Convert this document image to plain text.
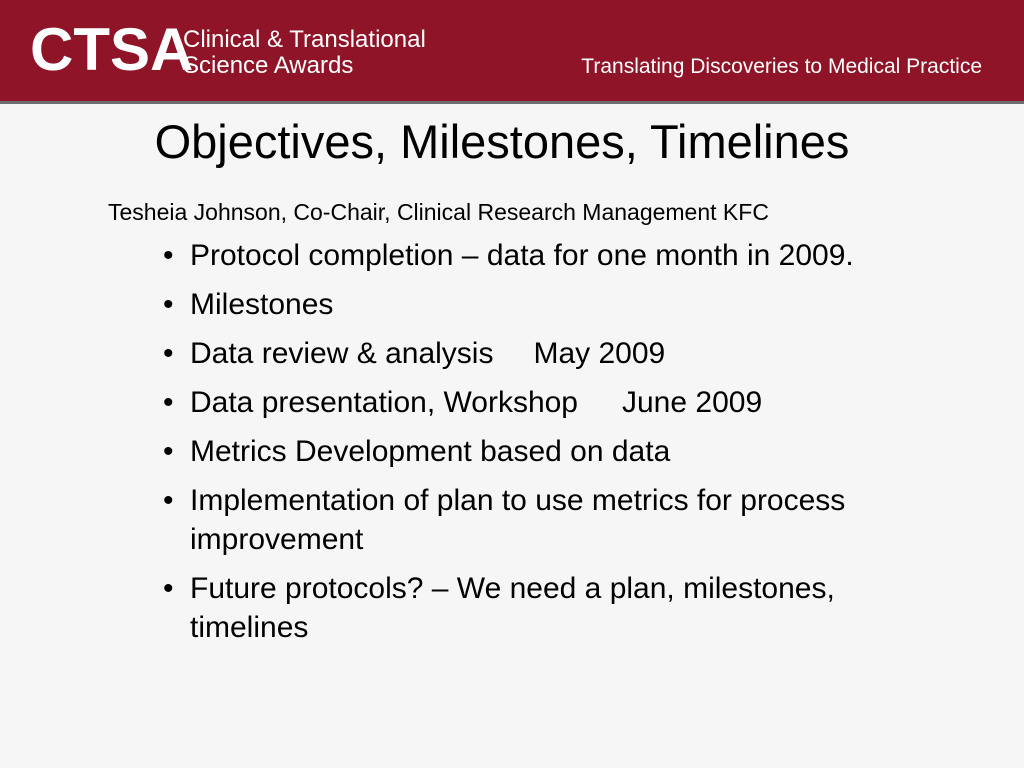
CTSA
Clinical & Translational
Science Awards	Translating Discoveries to Medical Practice
Objectives, Milestones, Timelines
Tesheia Johnson, Co-Chair, Clinical Research Management KFC
• Protocol completion – data for one month in 2009.
• Milestones
• Data review & analysis May 2009
• Data presentation, Workshop June 2009
• Metrics Development based on data
• Implementation of plan to use metrics for process improvement
• Future protocols? – We need a plan, milestones, timelines
